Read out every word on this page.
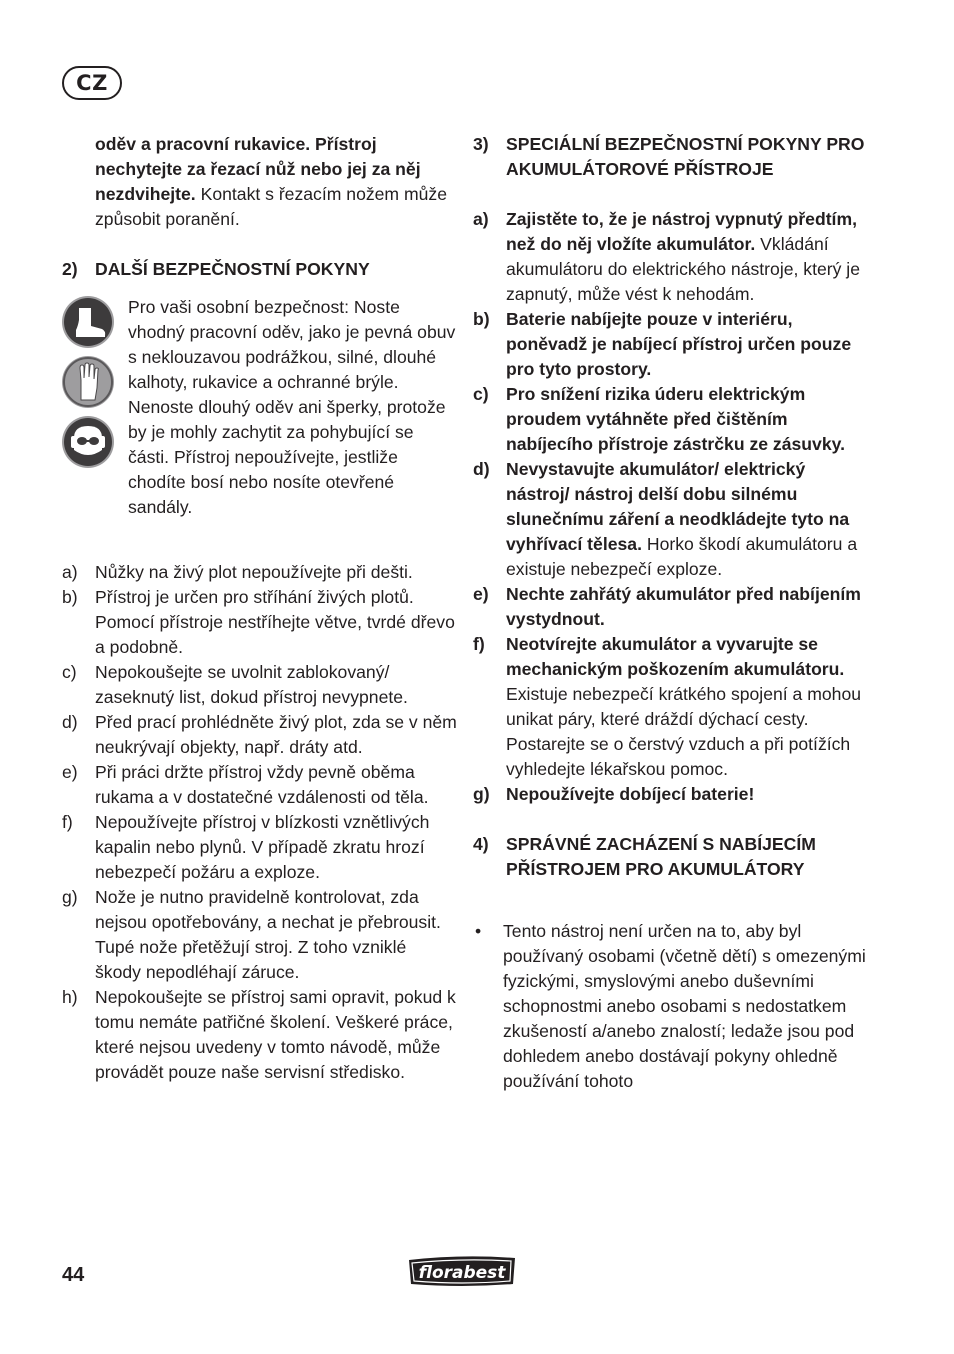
CZ

oděv a pracovní rukavice. Přístroj nechytejte za řezací nůž nebo jej za něj nezdvihejte. Kontakt s řezacím nožem může způsobit poranění.

2) DALŠÍ BEZPEČNOSTNÍ POKYNY

Pro vaši osobní bezpečnost: Noste vhodný pracovní oděv, jako je pevná obuv s neklouzavou podrážkou, silné, dlouhé kalhoty, rukavice a ochranné brýle. Nenoste dlouhý oděv ani šperky, protože by je mohly zachytit za pohybující se části. Přístroj nepoužívejte, jestliže chodíte bosí nebo nosíte otevřené sandály.

a) Nůžky na živý plot nepoužívejte při dešti.
b) Přístroj je určen pro stříhání živých plotů. Pomocí přístroje nestříhejte větve, tvrdé dřevo a podobně.
c)	Nepokoušejte se uvolnit zablokovaný/ zaseknutý list, dokud přístroj nevypnete.
d) Před prací prohlédněte živý plot, zda se v něm neukrývají objekty, např. dráty atd.
e) Při práci držte přístroj vždy pevně oběma rukama a v dostatečné vzdálenosti od těla.
f)	Nepoužívejte přístroj v blízkosti vznětlivých kapalin nebo plynů. V případě zkratu hrozí nebezpečí požáru a exploze.
g) Nože je nutno pravidelně kontrolovat, zda nejsou opotřebovány, a nechat je přebrousit. Tupé nože přetěžují stroj. Z toho vzniklé škody nepodléhají záruce.
h) Nepokoušejte se přístroj sami opravit, pokud k tomu nemáte patřičné školení. Veškeré práce, které nejsou uvedeny v tomto návodě, může provádět pouze naše servisní středisko.
3) SPECIÁLNÍ BEZPEČNOSTNÍ POKYNY PRO AKUMULÁTOROVÉ PŘÍSTROJE
a) Zajistěte to, že je nástroj vypnutý předtím, než do něj vložíte akumulátor. Vkládání akumulátoru do elektrického nástroje, který je zapnutý, může vést k nehodám.
b) Baterie nabíjejte pouze v interiéru, poněvadž je nabíjecí přístroj určen pouze pro tyto prostory.
c) Pro snížení rizika úderu elektrickým proudem vytáhněte před čištěním nabíjecího přístroje zástrčku ze zásuvky.
d) Nevystavujte akumulátor/ elektrický nástroj/ nástroj delší dobu silnému slunečnímu záření a neodkládejte tyto na vyhřívací tělesa. Horko škodí akumulátoru a existuje nebezpečí exploze.
e) Nechte zahřátý akumulátor před nabíjením vystydnout.
f)	Neotvírejte akumulátor a vyvarujte se mechanickým poškozením akumulátoru. Existuje nebezpečí krátkého spojení a mohou unikat páry, které dráždí dýchací cesty. Postarejte se o čerstvý vzduch a při potížích vyhledejte lékařskou pomoc.
g) Nepoužívejte dobíjecí baterie!
4) SPRÁVNÉ ZACHÁZENÍ S NABÍJECÍM PŘÍSTROJEM PRO AKUMULÁTORY
•	Tento nástroj není určen na to, aby byl používaný osobami (včetně dětí) s omezenými fyzickými, smyslovými anebo duševními schopnostmi anebo osobami s nedostatkem zkušeností a/anebo znalostí; ledaže jsou pod dohledem anebo dostávají pokyny ohledně používání tohoto
44	florabest
